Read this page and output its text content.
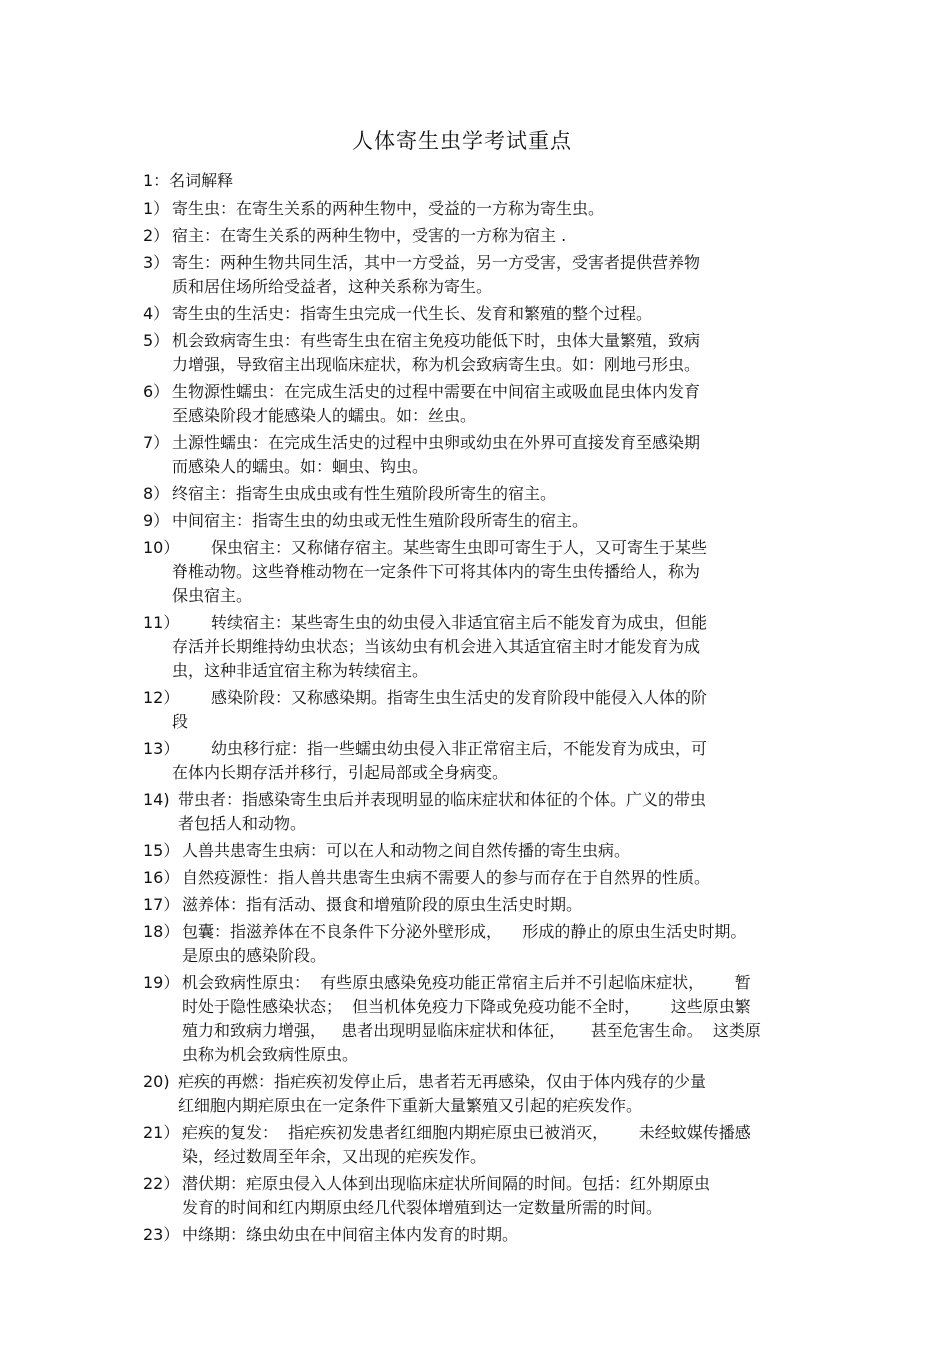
人体寄生虫学考试重点
1：名词解释
1） 寄生虫：在寄生关系的两种生物中，受益的一方称为寄生虫。
2） 宿主：在寄生关系的两种生物中，受害的一方称为宿主 .
3） 寄生：两种生物共同生活，其中一方受益，另一方受害，受害者提供营养物
质和居住场所给受益者，这种关系称为寄生。
4） 寄生虫的生活史：指寄生虫完成一代生长、发育和繁殖的整个过程。
5） 机会致病寄生虫：有些寄生虫在宿主免疫功能低下时，虫体大量繁殖，致病
力增强，导致宿主出现临床症状，称为机会致病寄生虫。如：刚地弓形虫。
6） 生物源性蠕虫：在完成生活史的过程中需要在中间宿主或吸血昆虫体内发育
至感染阶段才能感染人的蠕虫。如：丝虫。
7） 土源性蠕虫：在完成生活史的过程中虫卵或幼虫在外界可直接发育至感染期
而感染人的蠕虫。如：蛔虫、钩虫。
8） 终宿主：指寄生虫成虫或有性生殖阶段所寄生的宿主。
9） 中间宿主：指寄生虫的幼虫或无性生殖阶段所寄生的宿主。
10）	保虫宿主：又称储存宿主。某些寄生虫即可寄生于人，又可寄生于某些
脊椎动物。这些脊椎动物在一定条件下可将其体内的寄生虫传播给人，称为
保虫宿主。
11）	转续宿主：某些寄生虫的幼虫侵入非适宜宿主后不能发育为成虫，但能
存活并长期维持幼虫状态；当该幼虫有机会进入其适宜宿主时才能发育为成
虫，这种非适宜宿主称为转续宿主。
12）	感染阶段：又称感染期。指寄生虫生活史的发育阶段中能侵入人体的阶
段
13）	幼虫移行症：指一些蠕虫幼虫侵入非正常宿主后，不能发育为成虫，可
在体内长期存活并移行，引起局部或全身病变。
14) 带虫者：指感染寄生虫后并表现明显的临床症状和体征的个体。广义的带虫
者包括人和动物。
15） 人兽共患寄生虫病：可以在人和动物之间自然传播的寄生虫病。
16） 自然疫源性：指人兽共患寄生虫病不需要人的参与而存在于自然界的性质。
17） 滋养体：指有活动、摄食和增殖阶段的原虫生活史时期。
18） 包囊：指滋养体在不良条件下分泌外壁形成，    形成的静止的原虫生活史时期。
是原虫的感染阶段。
19） 机会致病性原虫：  有些原虫感染免疫功能正常宿主后并不引起临床症状，      暂
时处于隐性感染状态；  但当机体免疫力下降或免疫功能不全时，      这些原虫繁
殖力和致病力增强，   患者出现明显临床症状和体征，     甚至危害生命。  这类原
虫称为机会致病性原虫。
20) 疟疾的再燃：指疟疾初发停止后，患者若无再感染，仅由于体内残存的少量
红细胞内期疟原虫在一定条件下重新大量繁殖又引起的疟疾发作。
21） 疟疾的复发：  指疟疾初发患者红细胞内期疟原虫已被消灭，      未经蚊媒传播感
染，经过数周至年余，又出现的疟疾发作。
22） 潜伏期：疟原虫侵入人体到出现临床症状所间隔的时间。包括：红外期原虫
发育的时间和红内期原虫经几代裂体增殖到达一定数量所需的时间。
23） 中绦期：绦虫幼虫在中间宿主体内发育的时期。
